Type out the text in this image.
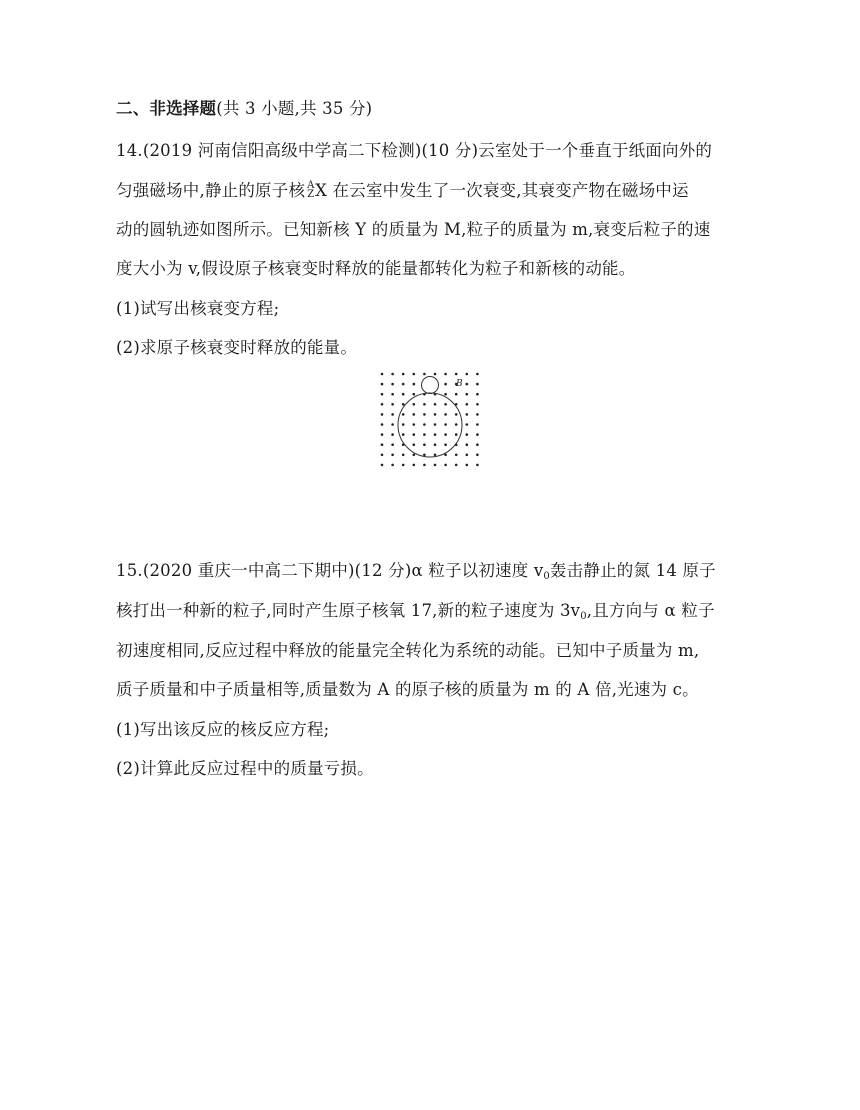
二、非选择题(共 3 小题,共 35 分)
14.(2019 河南信阳高级中学高二下检测)(10 分)云室处于一个垂直于纸面向外的
匀强磁场中,静止的原子核 A
Z X 在云室中发生了一次衰变,其衰变产物在磁场中运
动的圆轨迹如图所示。已知新核 Y 的质量为 M,粒子的质量为 m,衰变后粒子的速
度大小为 v,假设原子核衰变时释放的能量都转化为粒子和新核的动能。
(1)试写出核衰变方程;
(2)求原子核衰变时释放的能量。
B
15.(2020 重庆一中高二下期中)(12 分)α 粒子以初速度 v0轰击静止的氮 14 原子
核打出一种新的粒子,同时产生原子核氧 17,新的粒子速度为 3v0,且方向与 α 粒子
初速度相同,反应过程中释放的能量完全转化为系统的动能。已知中子质量为 m,
质子质量和中子质量相等,质量数为 A 的原子核的质量为 m 的 A 倍,光速为 c。
(1)写出该反应的核反应方程;
(2)计算此反应过程中的质量亏损。
